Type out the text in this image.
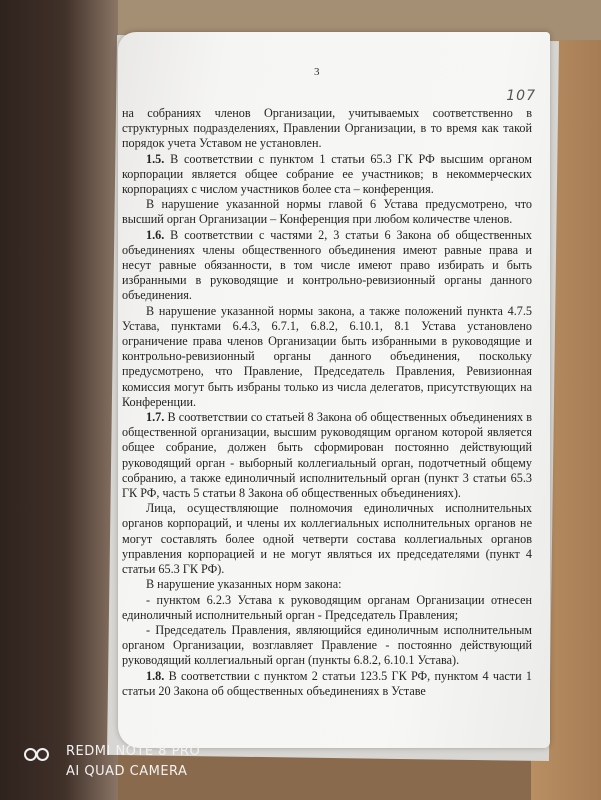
3
107

на собраниях членов Организации, учитываемых соответственно в структурных подразделениях, Правлении Организации, в то время как такой порядок учета Уставом не установлен.

1.5. В соответствии с пунктом 1 статьи 65.3 ГК РФ высшим органом корпорации является общее собрание ее участников; в некоммерческих корпорациях с числом участников более ста – конференция.

В нарушение указанной нормы главой 6 Устава предусмотрено, что высший орган Организации – Конференция при любом количестве членов.

1.6. В соответствии с частями 2, 3 статьи 6 Закона об общественных объединениях члены общественного объединения имеют равные права и несут равные обязанности, в том числе имеют право избирать и быть избранными в руководящие и контрольно-ревизионный органы данного объединения.

В нарушение указанной нормы закона, а также положений пункта 4.7.5 Устава, пунктами 6.4.3, 6.7.1, 6.8.2, 6.10.1, 8.1 Устава установлено ограничение права членов Организации быть избранными в руководящие и контрольно-ревизионный органы данного объединения, поскольку предусмотрено, что Правление, Председатель Правления, Ревизионная комиссия могут быть избраны только из числа делегатов, присутствующих на Конференции.

1.7. В соответствии со статьей 8 Закона об общественных объединениях в общественной организации, высшим руководящим органом которой является общее собрание, должен быть сформирован постоянно действующий руководящий орган - выборный коллегиальный орган, подотчетный общему собранию, а также единоличный исполнительный орган (пункт 3 статьи 65.3 ГК РФ, часть 5 статьи 8 Закона об общественных объединениях).

Лица, осуществляющие полномочия единоличных исполнительных органов корпораций, и члены их коллегиальных исполнительных органов не могут составлять более одной четверти состава коллегиальных органов управления корпорацией и не могут являться их председателями (пункт 4 статьи 65.3 ГК РФ).

В нарушение указанных норм закона:

- пунктом 6.2.3 Устава к руководящим органам Организации отнесен единоличный исполнительный орган - Председатель Правления;

- Председатель Правления, являющийся единоличным исполнительным органом Организации, возглавляет Правление - постоянно действующий руководящий коллегиальный орган (пункты 6.8.2, 6.10.1 Устава).

1.8. В соответствии с пунктом 2 статьи 123.5 ГК РФ, пунктом 4 части 1 статьи 20 Закона об общественных объединениях в Уставе

REDMI NOTE 8 PRO
AI QUAD CAMERA
